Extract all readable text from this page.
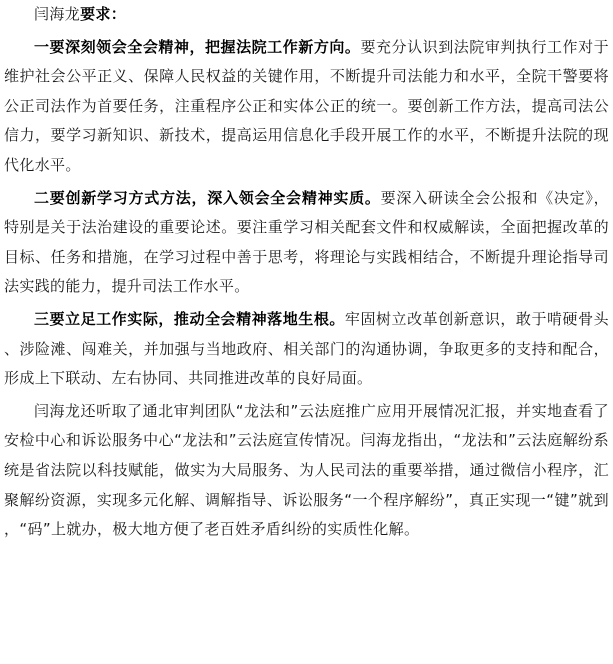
闫海龙要求：

一要深刻领会全会精神，把握法院工作新方向。要充分认识到法院审判执行工作对于维护社会公平正义、保障人民权益的关键作用，不断提升司法能力和水平，全院干警要将公正司法作为首要任务，注重程序公正和实体公正的统一。要创新工作方法，提高司法公信力，要学习新知识、新技术，提高运用信息化手段开展工作的水平，不断提升法院的现代化水平。

二要创新学习方式方法，深入领会全会精神实质。要深入研读全会公报和《决定》，特别是关于法治建设的重要论述。要注重学习相关配套文件和权威解读，全面把握改革的目标、任务和措施，在学习过程中善于思考，将理论与实践相结合，不断提升理论指导司法实践的能力，提升司法工作水平。

三要立足工作实际，推动全会精神落地生根。牢固树立改革创新意识，敢于啃硬骨头、涉险滩、闯难关，并加强与当地政府、相关部门的沟通协调，争取更多的支持和配合，形成上下联动、左右协同、共同推进改革的良好局面。

闫海龙还听取了通北审判团队“龙法和”云法庭推广应用开展情况汇报，并实地查看了安检中心和诉讼服务中心“龙法和”云法庭宣传情况。闫海龙指出，“龙法和”云法庭解纷系统是省法院以科技赋能，做实为大局服务、为人民司法的重要举措，通过微信小程序，汇聚解纷资源，实现多元化解、调解指导、诉讼服务“一个程序解纷”，真正实现一“键”就到，“码”上就办，极大地方便了老百姓矛盾纠纷的实质性化解。
